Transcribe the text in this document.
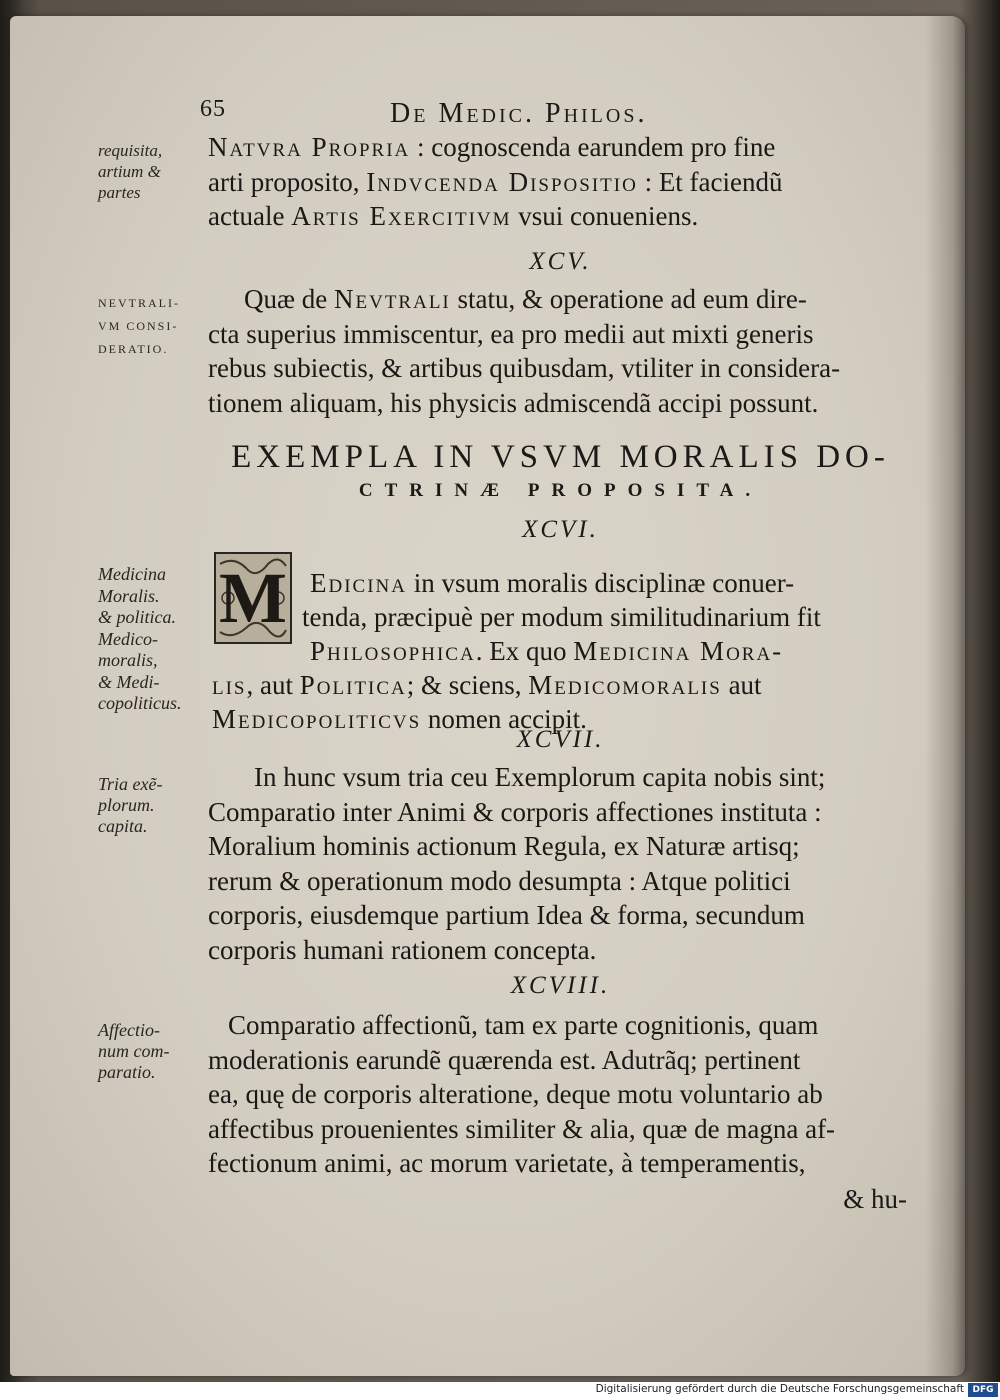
65	De Medic. Philos.
requisita,
artium &
partes
Natvra Propria : cognoscenda earundem pro fine
arti proposito, Indvcenda Dispositio : Et faciendũ
actuale Artis Exercitivm vsui conueniens.
XCV.
NEVTRALI-
VM CONSI-
DERATIO.
Quæ de Nevtrali statu, & operatione ad eum dire-
cta superius immiscentur, ea pro medii aut mixti generis
rebus subiectis, & artibus quibusdam, vtiliter in considera-
tionem aliquam, his physicis admiscendã accipi possunt.
EXEMPLA IN VSVM MORALIS DO-
CTRINÆ PROPOSITA.
XCVI.
Medicina
Moralis.
& politica.
Medico-
moralis,
& Medi-
copoliticus.
M Edicina in vsum moralis disciplinæ conuer-
tenda, præcipuè per modum similitudinarium fit
Philosophica. Ex quo Medicina Mora-
lis, aut Politica; & sciens, Medicomoralis aut
Medicopoliticvs nomen accipit.
XCVII.
Tria exẽ-
plorum.
capita.
In hunc vsum tria ceu Exemplorum capita nobis sint;
Comparatio inter Animi & corporis affectiones instituta :
Moralium hominis actionum Regula, ex Naturæ artisq;
rerum & operationum modo desumpta : Atque politici
corporis, eiusdemque partium Idea & forma, secundum
corporis humani rationem concepta.
XCVIII.
Affectio-
num com-
paratio.
Comparatio affectionũ, tam ex parte cognitionis, quam
moderationis earundẽ quærenda est. Adutrãq; pertinent
ea, quę de corporis alteratione, deque motu voluntario ab
affectibus prouenientes similiter & alia, quæ de magna af-
fectionum animi, ac morum varietate, à temperamentis,
& hu-
Digitalisierung gefördert durch die Deutsche Forschungsgemeinschaft DFG
